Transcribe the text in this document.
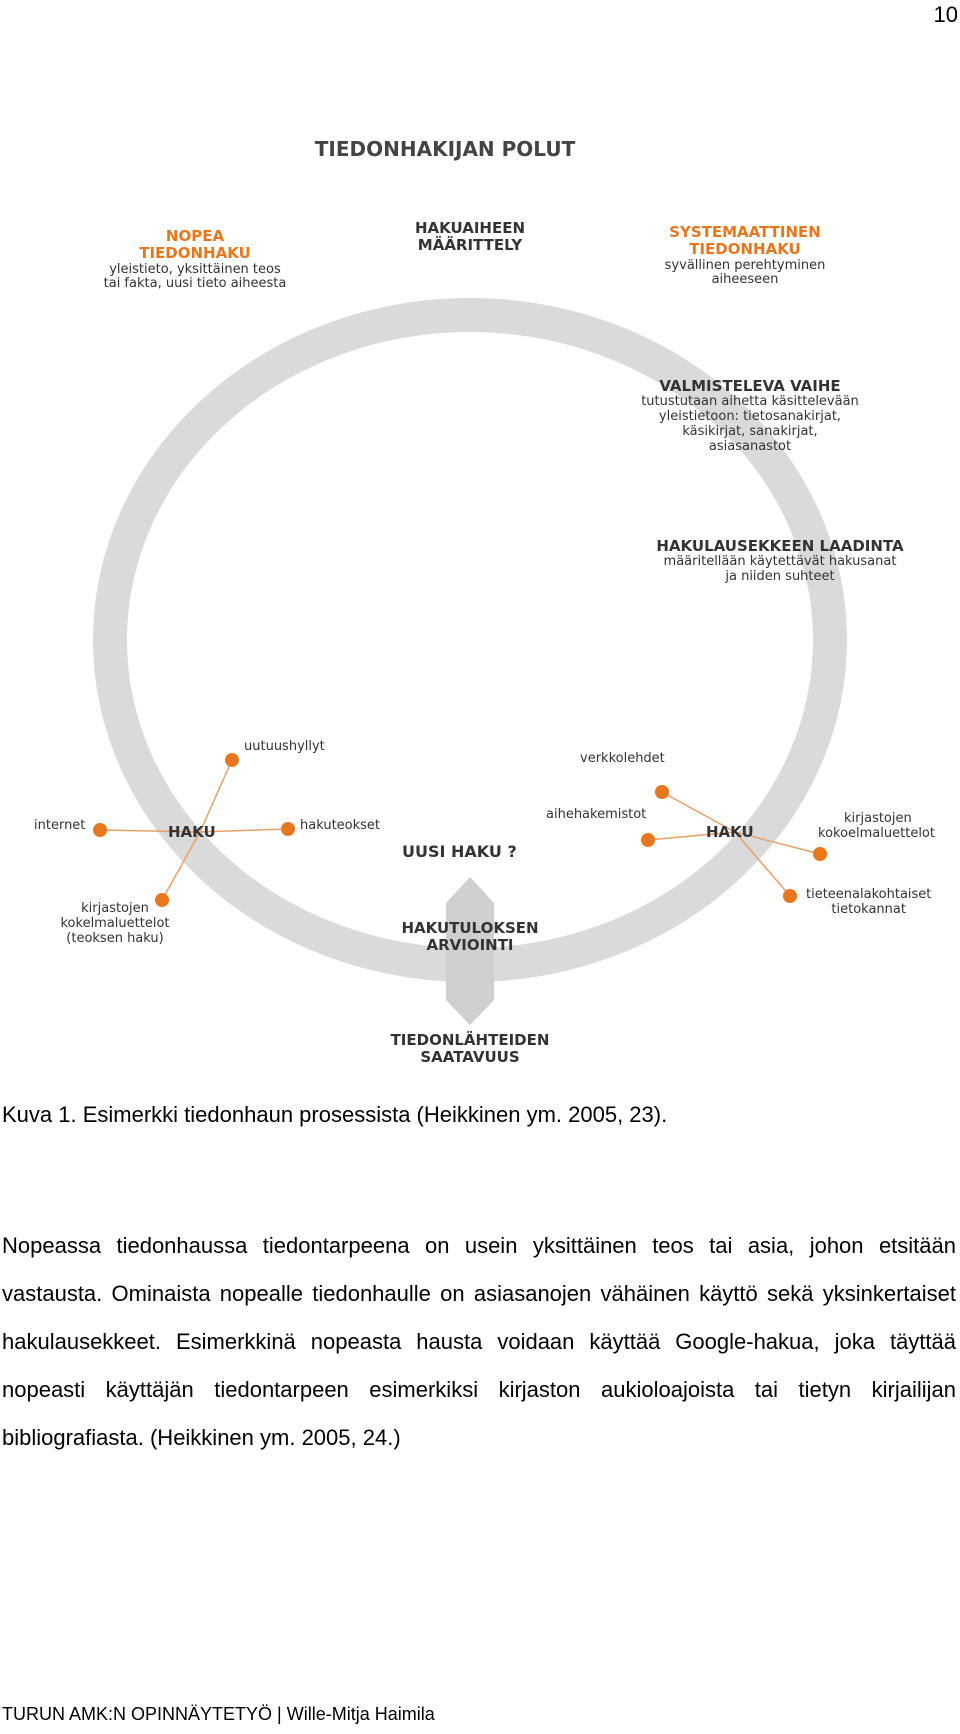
10
TIEDONHAKIJAN POLUT
NOPEA
TIEDONHAKU
yleistieto, yksittäinen teos
tai fakta, uusi tieto aiheesta
HAKUAIHEEN
MÄÄRITTELY
SYSTEMAATTINEN
TIEDONHAKU
syvällinen perehtyminen
aiheeseen
VALMISTELEVA VAIHE
tutustutaan aihetta käsittelevään
yleistietoon: tietosanakirjat,
käsikirjat, sanakirjat,
asiasanastot
HAKULAUSEKKEEN LAADINTA
määritellään käytettävät hakusanat
ja niiden suhteet
HAKU
uutuushyllyt
internet	hakuteokset
kirjastojen
kokelmaluettelot
(teoksen haku)
HAKU
verkkolehdet
aihehakemistot	kirjastojen
kokoelmaluettelot
tieteenalakohtaiset
tietokannat
UUSI HAKU ?
HAKUTULOKSEN
ARVIOINTI
TIEDONLÄHTEIDEN
SAATAVUUS
Kuva 1. Esimerkki tiedonhaun prosessista (Heikkinen ym. 2005, 23).
Nopeassa tiedonhaussa tiedontarpeena on usein yksittäinen teos tai asia, johon etsitään vastausta. Ominaista nopealle tiedonhaulle on asiasanojen vähäinen käyttö sekä yksinkertaiset hakulausekkeet. Esimerkkinä nopeasta hausta voidaan käyttää Google-hakua, joka täyttää nopeasti käyttäjän tiedontarpeen esimerkiksi kirjaston aukioloajoista tai tietyn kirjailijan bibliografiasta. (Heikkinen ym. 2005, 24.)
TURUN AMK:N OPINNÄYTETYÖ | Wille-Mitja Haimila
